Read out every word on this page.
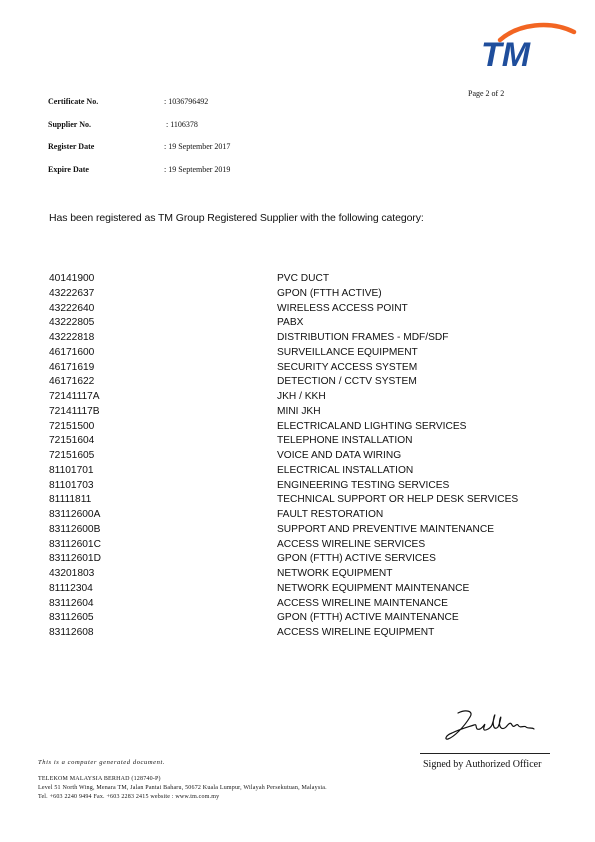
TM
Page 2 of 2
Certificate No.	: 1036796492
Supplier No.	: 1106378
Register Date	: 19 September 2017
Expire Date	: 19 September 2019
Has been registered as TM Group Registered Supplier with the following category:
40141900	PVC DUCT
43222637	GPON (FTTH ACTIVE)
43222640	WIRELESS ACCESS POINT
43222805	PABX
43222818	DISTRIBUTION FRAMES - MDF/SDF
46171600	SURVEILLANCE EQUIPMENT
46171619	SECURITY ACCESS SYSTEM
46171622	DETECTION / CCTV SYSTEM
72141117A	JKH / KKH
72141117B	MINI JKH
72151500	ELECTRICALAND LIGHTING SERVICES
72151604	TELEPHONE INSTALLATION
72151605	VOICE AND DATA WIRING
81101701	ELECTRICAL INSTALLATION
81101703	ENGINEERING TESTING SERVICES
81111811	TECHNICAL SUPPORT OR HELP DESK SERVICES
83112600A	FAULT RESTORATION
83112600B	SUPPORT AND PREVENTIVE MAINTENANCE
83112601C	ACCESS WIRELINE SERVICES
83112601D	GPON (FTTH) ACTIVE SERVICES
43201803	NETWORK EQUIPMENT
81112304	NETWORK EQUIPMENT MAINTENANCE
83112604	ACCESS WIRELINE MAINTENANCE
83112605	GPON (FTTH) ACTIVE MAINTENANCE
83112608	ACCESS WIRELINE EQUIPMENT
Signed by Authorized Officer
This is a computer generated document.
TELEKOM MALAYSIA BERHAD (128740-P)
Level 51 North Wing, Menara TM, Jalan Pantai Baharu, 50672 Kuala Lumpur, Wilayah Persekutuan, Malaysia.
Tel. +603 2240 9494 Fax. +603 2283 2415 website : www.tm.com.my
